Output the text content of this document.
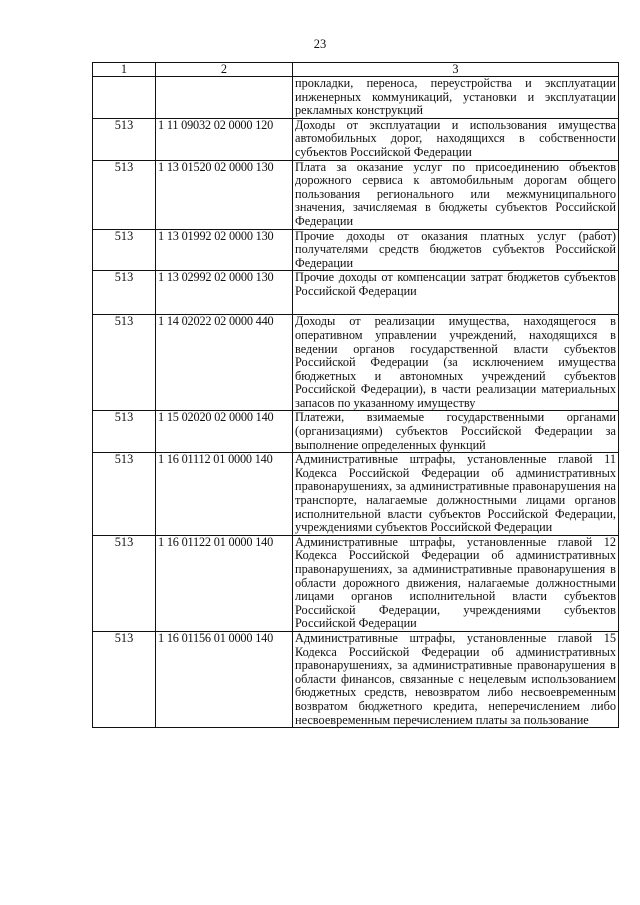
23
1	2	3
		прокладки, переноса, переустройства и эксплуатации инженерных коммуникаций, установки и эксплуатации рекламных конструкций
513	1 11 09032 02 0000 120	Доходы от эксплуатации и использования имущества автомобильных дорог, находящихся в собственности субъектов Российской Федерации
513	1 13 01520 02 0000 130	Плата за оказание услуг по присоединению объектов дорожного сервиса к автомобильным дорогам общего пользования регионального или межмуниципального значения, зачисляемая в бюджеты субъектов Российской Федерации
513	1 13 01992 02 0000 130	Прочие доходы от оказания платных услуг (работ) получателями средств бюджетов субъектов Российской Федерации
513	1 13 02992 02 0000 130	Прочие доходы от компенсации затрат бюджетов субъектов Российской Федерации
513	1 14 02022 02 0000 440	Доходы от реализации имущества, находящегося в оперативном управлении учреждений, находящихся в ведении органов государственной власти субъектов Российской Федерации (за исключением имущества бюджетных и автономных учреждений субъектов Российской Федерации), в части реализации материальных запасов по указанному имуществу
513	1 15 02020 02 0000 140	Платежи, взимаемые государственными органами (организациями) субъектов Российской Федерации за выполнение определенных функций
513	1 16 01112 01 0000 140	Административные штрафы, установленные главой 11 Кодекса Российской Федерации об административных правонарушениях, за административные правонарушения на транспорте, налагаемые должностными лицами органов исполнительной власти субъектов Российской Федерации, учреждениями субъектов Российской Федерации
513	1 16 01122 01 0000 140	Административные штрафы, установленные главой 12 Кодекса Российской Федерации об административных правонарушениях, за административные правонарушения в области дорожного движения, налагаемые должностными лицами органов исполнительной власти субъектов Российской Федерации, учреждениями субъектов Российской Федерации
513	1 16 01156 01 0000 140	Административные штрафы, установленные главой 15 Кодекса Российской Федерации об административных правонарушениях, за административные правонарушения в области финансов, связанные с нецелевым использованием бюджетных средств, невозвратом либо несвоевременным возвратом бюджетного кредита, неперечислением либо несвоевременным перечислением платы за пользование
